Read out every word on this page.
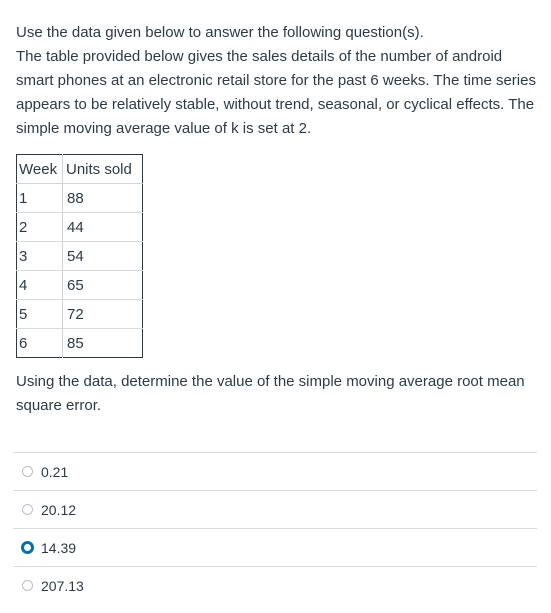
Use the data given below to answer the following question(s).

The table provided below gives the sales details of the number of android smart phones at an electronic retail store for the past 6 weeks. The time series appears to be relatively stable, without trend, seasonal, or cyclical effects. The simple moving average value of k is set at 2.

Week	Units sold
1	88
2	44
3	54
4	65
5	72
6	85

Using the data, determine the value of the simple moving average root mean square error.

0.21
20.12
14.39
207.13
